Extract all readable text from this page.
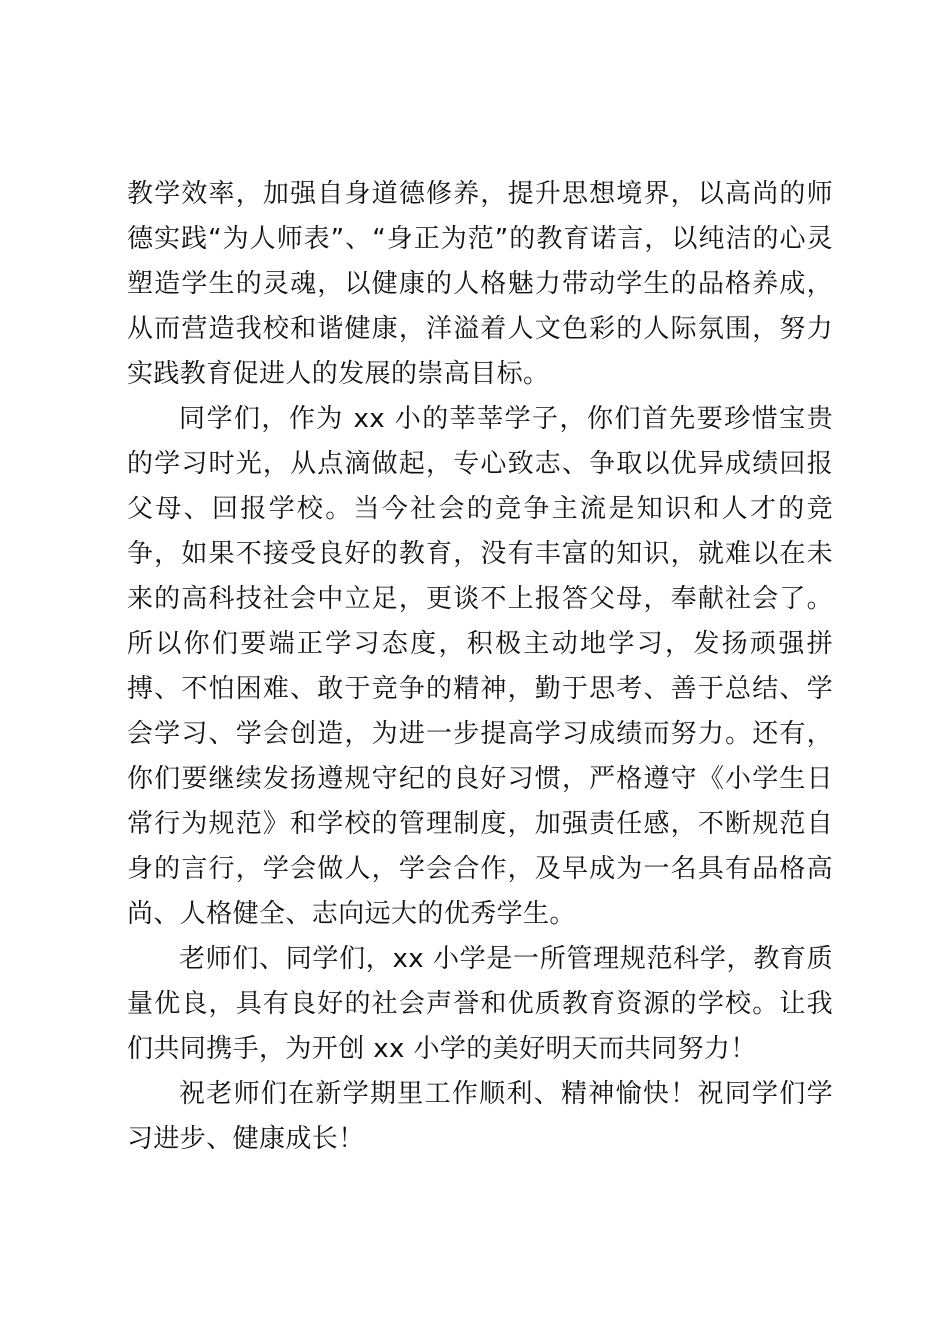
教学效率，加强自身道德修养，提升思想境界，以高尚的师德实践“为人师表”、“身正为范”的教育诺言，以纯洁的心灵塑造学生的灵魂，以健康的人格魅力带动学生的品格养成，从而营造我校和谐健康，洋溢着人文色彩的人际氛围，努力实践教育促进人的发展的崇高目标。

同学们，作为 xx 小的莘莘学子，你们首先要珍惜宝贵的学习时光，从点滴做起，专心致志、争取以优异成绩回报父母、回报学校。当今社会的竞争主流是知识和人才的竞争，如果不接受良好的教育，没有丰富的知识，就难以在未来的高科技社会中立足，更谈不上报答父母，奉献社会了。所以你们要端正学习态度，积极主动地学习，发扬顽强拼搏、不怕困难、敢于竞争的精神，勤于思考、善于总结、学会学习、学会创造，为进一步提高学习成绩而努力。还有，你们要继续发扬遵规守纪的良好习惯，严格遵守《小学生日常行为规范》和学校的管理制度，加强责任感，不断规范自身的言行，学会做人，学会合作，及早成为一名具有品格高尚、人格健全、志向远大的优秀学生。

老师们、同学们，xx 小学是一所管理规范科学，教育质量优良，具有良好的社会声誉和优质教育资源的学校。让我们共同携手，为开创 xx 小学的美好明天而共同努力！

祝老师们在新学期里工作顺利、精神愉快！祝同学们学习进步、健康成长！
